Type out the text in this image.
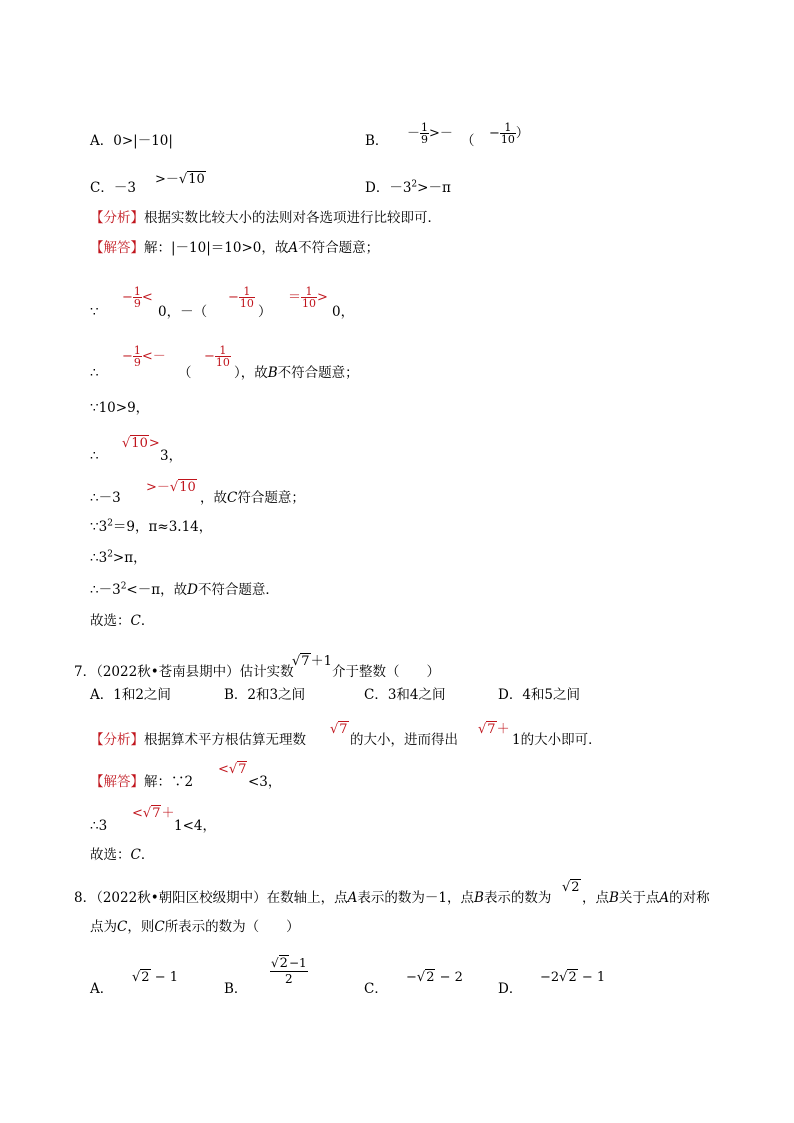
A．0>|－10|	B． － $\frac{1}{9}$ >－ （ − $\frac{1}{10}$ ）
C．－3
>－√10
D．$-3^2>-\pi$
【分析】根据实数比较大小的法则对各选项进行比较即可．
【解答】解：|－10|＝10>0，故A不符合题意；
∵
− $\frac{1}{9}$ <
0，－（
− $\frac{1}{10}$
）
＝ $\frac{1}{10}$ >
0，
∴
− $\frac{1}{9}$ <－
（
− $\frac{1}{10}$
），故B不符合题意；
∵10>9，
∴
√10>
3，
∴－3
>－√10
，故C符合题意；
$\because 3^2=9$，π≈3.14，
$\therefore 3^2>\pi$，
$\therefore-3^2<-\pi$，故D不符合题意．
故选：C．
7．（2022秋•苍南县期中）估计实数
√7＋1
介于整数（　　）
A．1和2之间	B．2和3之间	C．3和4之间	D．4和5之间
【分析】根据算术平方根估算无理数
√7
的大小，进而得出
√7＋
1的大小即可．
【解答】解：∵2
<√7
<3，
∴3
<√7＋
1<4，
故选：C．
8．（2022秋•朝阳区校级期中）在数轴上，点A表示的数为－1，点B表示的数为
√2
，点B关于点A的对称
点为C，则C所表示的数为（　　）
A．
√2 − 1
B．
$\frac{√2-1}{2}$
C．
−√2 − 2
D．
−2√2 − 1
